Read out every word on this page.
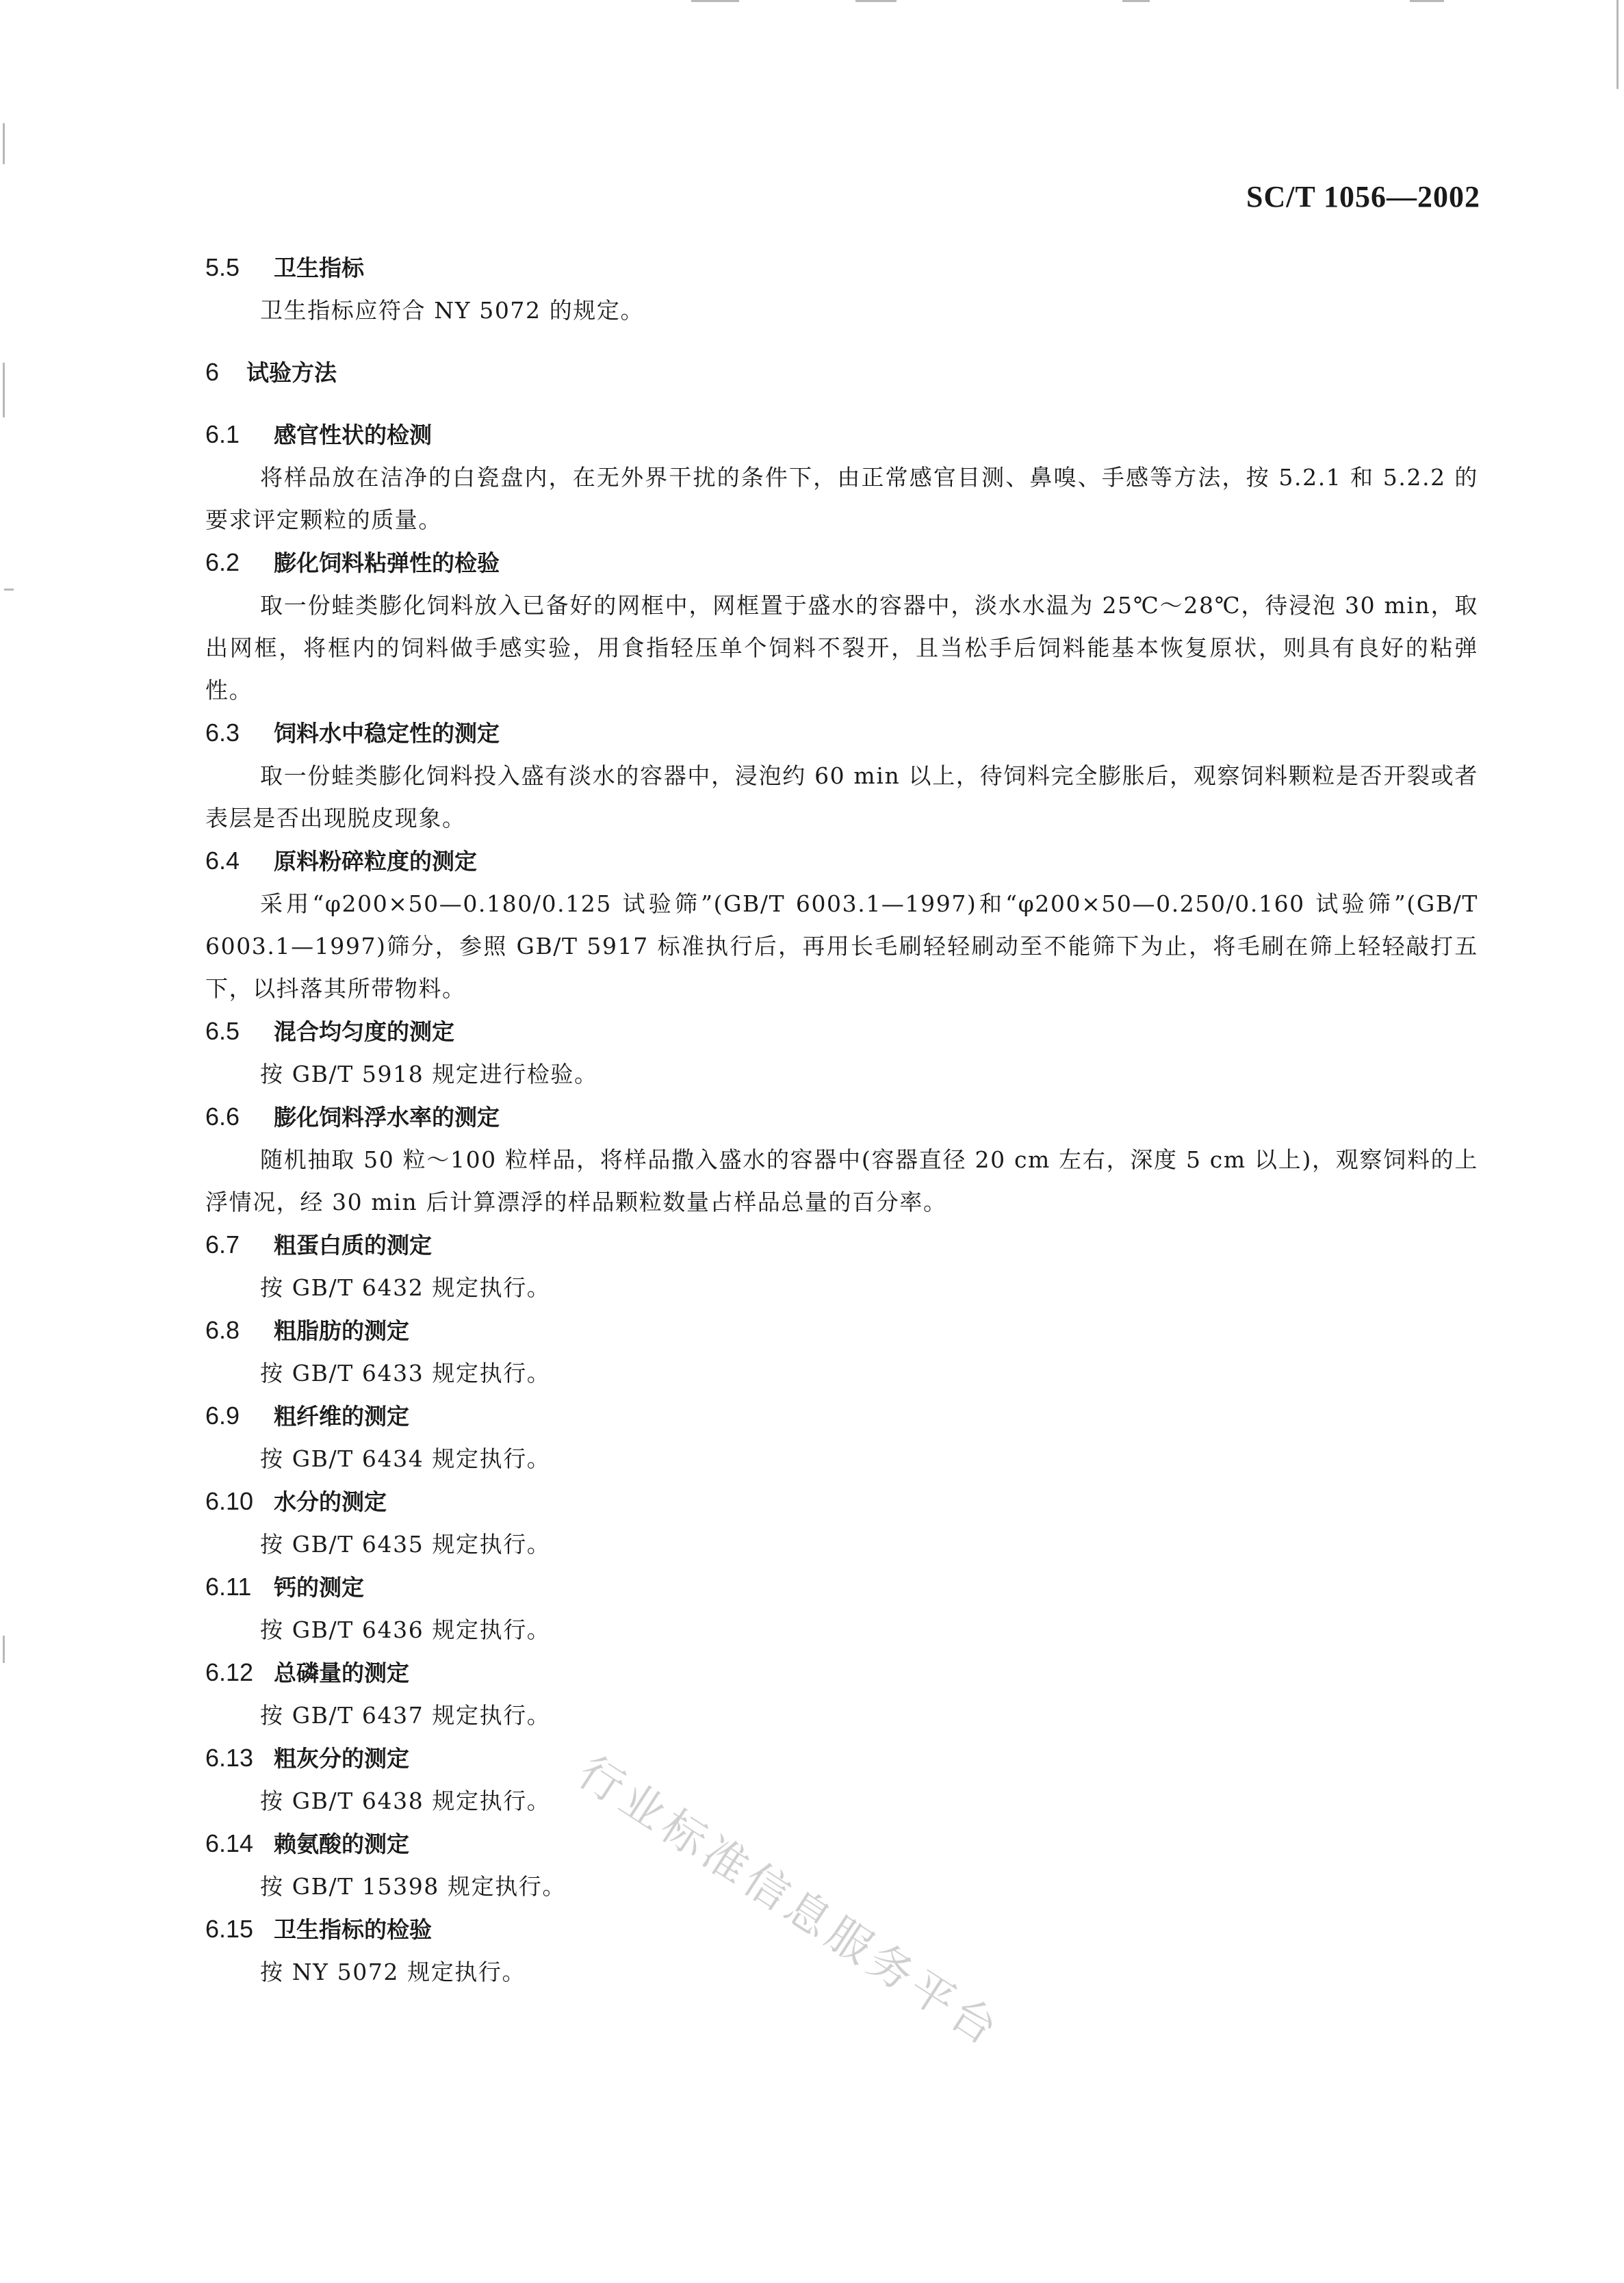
SC/T 1056—2002
5.5	卫生指标

卫生指标应符合 NY 5072 的规定。

6	试验方法
6.1	感官性状的检测

将样品放在洁净的白瓷盘内，在无外界干扰的条件下，由正常感官目测、鼻嗅、手感等方法，按 5.2.1 和 5.2.2 的要求评定颗粒的质量。

6.2	膨化饲料粘弹性的检验

取一份蛙类膨化饲料放入已备好的网框中，网框置于盛水的容器中，淡水水温为 25℃～28℃，待浸泡 30 min，取出网框，将框内的饲料做手感实验，用食指轻压单个饲料不裂开，且当松手后饲料能基本恢复原状，则具有良好的粘弹性。

6.3	饲料水中稳定性的测定

取一份蛙类膨化饲料投入盛有淡水的容器中，浸泡约 60 min 以上，待饲料完全膨胀后，观察饲料颗粒是否开裂或者表层是否出现脱皮现象。

6.4	原料粉碎粒度的测定

采用“φ200×50—0.180/0.125 试验筛”(GB/T 6003.1—1997)和“φ200×50—0.250/0.160 试验筛”(GB/T 6003.1—1997)筛分，参照 GB/T 5917 标准执行后，再用长毛刷轻轻刷动至不能筛下为止，将毛刷在筛上轻轻敲打五下，以抖落其所带物料。

6.5	混合均匀度的测定

按 GB/T 5918 规定进行检验。

6.6	膨化饲料浮水率的测定

随机抽取 50 粒～100 粒样品，将样品撒入盛水的容器中(容器直径 20 cm 左右，深度 5 cm 以上)，观察饲料的上浮情况，经 30 min 后计算漂浮的样品颗粒数量占样品总量的百分率。

6.7	粗蛋白质的测定

按 GB/T 6432 规定执行。

6.8	粗脂肪的测定

按 GB/T 6433 规定执行。

6.9	粗纤维的测定

按 GB/T 6434 规定执行。

6.10 水分的测定

按 GB/T 6435 规定执行。

6.11 钙的测定

按 GB/T 6436 规定执行。

6.12 总磷量的测定

按 GB/T 6437 规定执行。

6.13 粗灰分的测定

按 GB/T 6438 规定执行。

6.14 赖氨酸的测定

按 GB/T 15398 规定执行。

6.15 卫生指标的检验

按 NY 5072 规定执行。 行业标准信息服务平台
